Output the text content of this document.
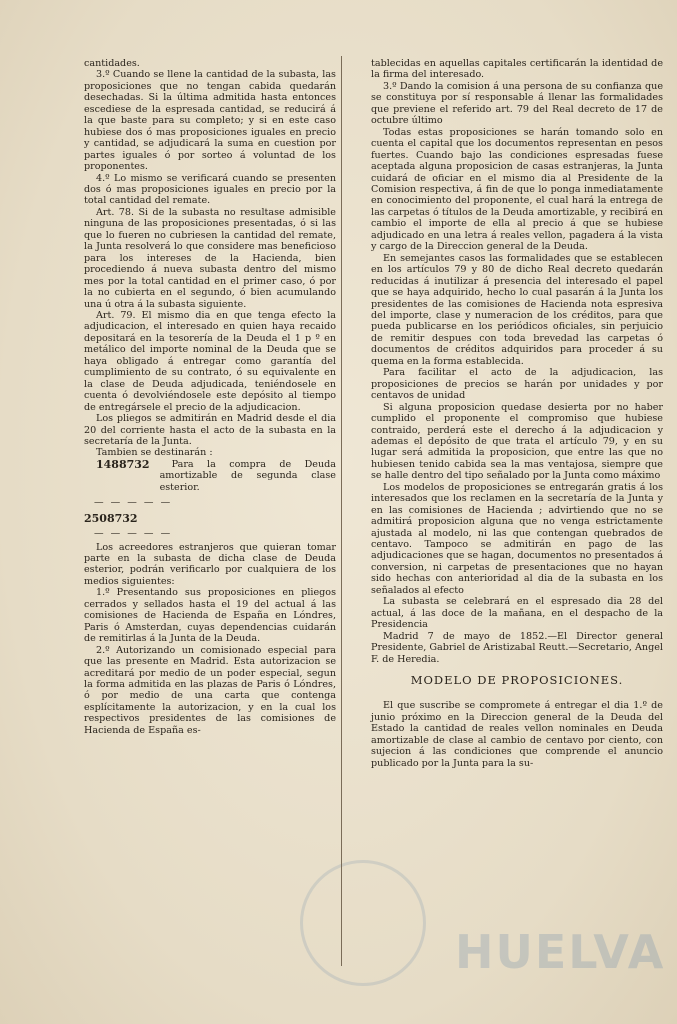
cantidades.

3.º Cuando se llene la cantidad de la subasta, las proposiciones que no tengan cabida quedarán desechadas. Si la última admitida hasta entonces escediese de la espresada cantidad, se reducirá á la que baste para su completo; y si en este caso hubiese dos ó mas proposiciones iguales en precio y cantidad, se adjudicará la suma en cuestion por partes iguales ó por sorteo á voluntad de los proponentes.

4.º Lo mismo se verificará cuando se presenten dos ó mas proposiciones iguales en precio por la total cantidad del remate.

Art. 78. Si de la subasta no resultase admisible ninguna de las proposiciones presentadas, ó si las que lo fueren no cubriesen la cantidad del remate, la Junta resolverá lo que considere mas beneficioso para los intereses de la Hacienda, bien procediendo á nueva subasta dentro del mismo mes por la total cantidad en el primer caso, ó por la no cubierta en el segundo, ó bien acumulando una ú otra á la subasta siguiente.

Art. 79. El mismo dia en que tenga efecto la adjudicacion, el interesado en quien haya recaido depositará en la tesorería de la Deuda el 1 p º en metálico del importe nominal de la Deuda que se haya obligado á entregar como garantía del cumplimiento de su contrato, ó su equivalente en la clase de Deuda adjudicada, teniéndosele en cuenta ó devolviéndosele este depósito al tiempo de entregársele el precio de la adjudicacion.

Los pliegos se admitirán en Madrid desde el dia 20 del corriente hasta el acto de la subasta en la secretaría de la Junta.

Tambien se destinarán :

1488732	Para la compra de Deuda amortizable de segunda clase esterior.

— — — — —
2508732
— — — — —

Los acreedores estranjeros que quieran tomar parte en la subasta de dicha clase de Deuda esterior, podrán verificarlo por cualquiera de los medios siguientes:

1.º Presentando sus proposiciones en pliegos cerrados y sellados hasta el 19 del actual á las comisiones de Hacienda de España en Lóndres, Paris ó Amsterdan, cuyas dependencias cuidarán de remitirlas á la Junta de la Deuda.

2.º Autorizando un comisionado especial para que las presente en Madrid. Esta autorizacion se acreditará por medio de un poder especial, segun la forma admitida en las plazas de Paris ó Lóndres, ó por medio de una carta que contenga esplícitamente la autorizacion, y en la cual los respectivos presidentes de las comisiones de Hacienda de España es-

tablecidas en aquellas capitales certificarán la identidad de la firma del interesado.

3.º Dando la comision á una persona de su confianza que se constituya por sí responsable á llenar las formalidades que previene el referido art. 79 del Real decreto de 17 de octubre último

Todas estas proposiciones se harán tomando solo en cuenta el capital que los documentos representan en pesos fuertes. Cuando bajo las condiciones espresadas fuese aceptada alguna proposicion de casas estranjeras, la Junta cuidará de oficiar en el mismo dia al Presidente de la Comision respectiva, á fin de que lo ponga inmediatamente en conocimiento del proponente, el cual hará la entrega de las carpetas ó títulos de la Deuda amortizable, y recibirá en cambio el importe de ella al precio á que se hubiese adjudicado en una letra á reales vellon, pagadera á la vista y cargo de la Direccion general de la Deuda.

En semejantes casos las formalidades que se establecen en los artículos 79 y 80 de dicho Real decreto quedarán reducidas á inutilizar á presencia del interesado el papel que se haya adquirido, hecho lo cual pasarán á la Junta los presidentes de las comisiones de Hacienda nota espresiva del importe, clase y numeracion de los créditos, para que pueda publicarse en los periódicos oficiales, sin perjuicio de remitir despues con toda brevedad las carpetas ó documentos de créditos adquiridos para proceder á su quema en la forma establecida.

Para facilitar el acto de la adjudicacion, las proposiciones de precios se harán por unidades y por centavos de unidad

Si alguna proposicion quedase desierta por no haber cumplido el proponente el compromiso que hubiese contraido, perderá este el derecho á la adjudicacion y ademas el depósito de que trata el artículo 79, y en su lugar será admitida la proposicion, que entre las que no hubiesen tenido cabida sea la mas ventajosa, siempre que se halle dentro del tipo señalado por la Junta como máximo

Los modelos de proposiciones se entregarán gratis á los interesados que los reclamen en la secretaría de la Junta y en las comisiones de Hacienda ; advirtiendo que no se admitirá proposicion alguna que no venga estrictamente ajustada al modelo, ni las que contengan quebrados de centavo. Tampoco se admitirán en pago de las adjudicaciones que se hagan, documentos no presentados á conversion, ni carpetas de presentaciones que no hayan sido hechas con anterioridad al dia de la subasta en los señalados al efecto

La subasta se celebrará en el espresado dia 28 del actual, á las doce de la mañana, en el despacho de la Presidencia

Madrid 7 de mayo de 1852.—El Director general Presidente, Gabriel de Aristizabal Reutt.—Secretario, Angel F. de Heredia.

MODELO DE PROPOSICIONES.

El que suscribe se compromete á entregar el dia 1.º de junio próximo en la Direccion general de la Deuda del Estado la cantidad de reales vellon nominales en Deuda amortizable de clase al cambio de centavo por ciento, con sujecion á las condiciones que comprende el anuncio publicado por la Junta para la su-

HUELVA
